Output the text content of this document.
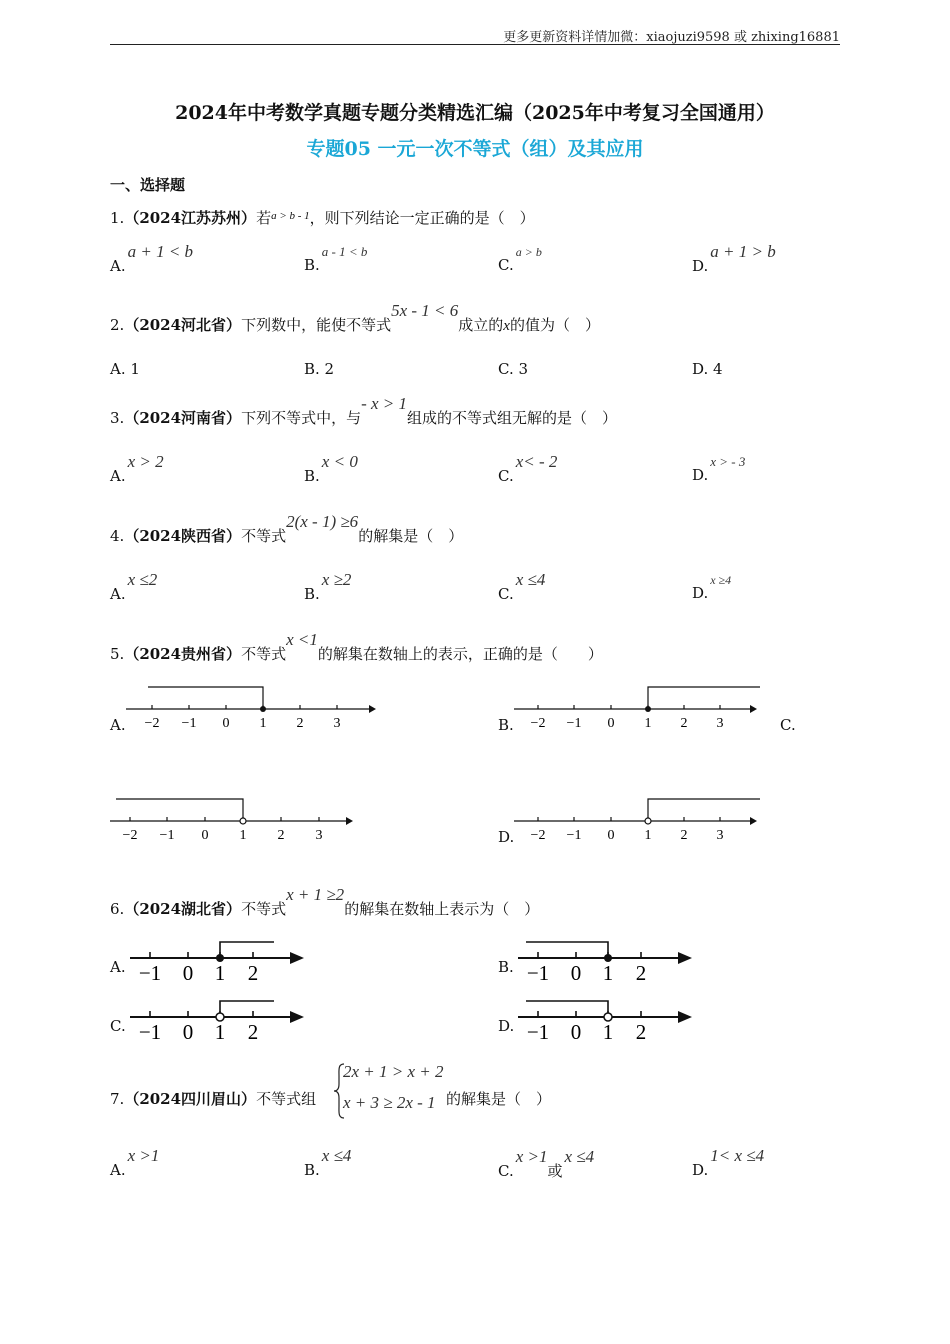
更多更新资料详情加微：xiaojuzi9598 或 zhixing16881
2024年中考数学真题专题分类精选汇编（2025年中考复习全国通用）
专题05 一元一次不等式（组）及其应用
一、选择题
1.（2024江苏苏州）若$^{a > b - 1}$，则下列结论一定正确的是（　）
A.a + 1 < b
B.a - 1 < b
C.$^{a > b}$
D.a + 1 > b
2.（2024河北省）下列数中，能使不等式5x - 1 < 6成立的x的值为（　）
A. 1	B. 2	C. 3	D. 4
3.（2024河南省）下列不等式中，与- x > 1组成的不等式组无解的是（　）
A.x > 2
B.x < 0
C.x< - 2
D.x > - 3
4.（2024陕西省）不等式2(x - 1) ≥6的解集是（　）
A.x ≤2
B.x ≥2
C.x ≤4
D.$^{x \ge 4}$
5.（2024贵州省）不等式x <1的解集在数轴上的表示，正确的是（　　）
A.	B.	C.
D.
−2 −1 0 1 2 3	−2 −1 0 1 2 3
−2 −1 0 1 2 3	−2 −1 0 1 2 3
6.（2024湖北省）不等式x + 1 ≥2的解集在数轴上表示为（　）
A.	B.
C.	D.
−1 0 1 2	−1 0 1 2
−1 0 1 2	−1 0 1 2
7.（2024四川眉山）不等式组
2x + 1 > x + 2
x + 3 ≥ 2x - 1 的解集是（　）
A.x >1
B.x ≤4
C.x >1或x ≤4
D.1< x ≤4
